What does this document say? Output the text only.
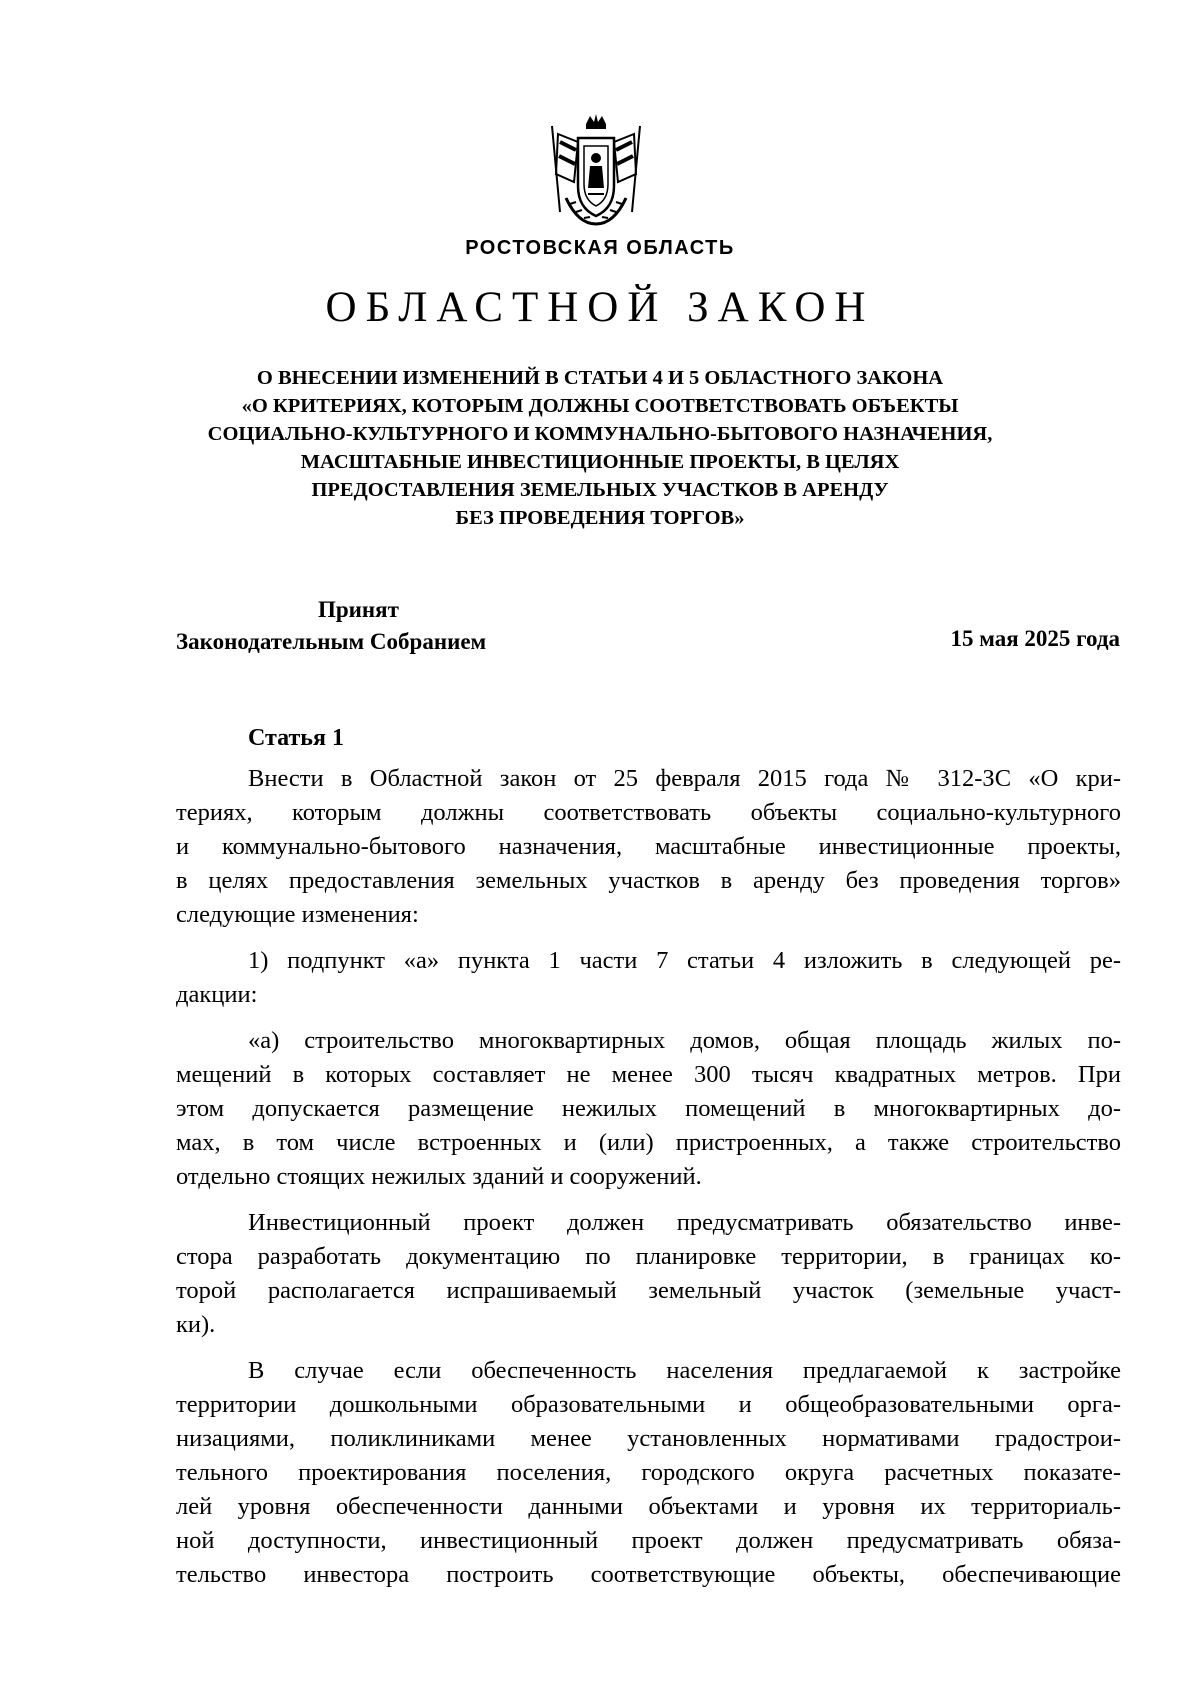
РОСТОВСКАЯ ОБЛАСТЬ
ОБЛАСТНОЙ ЗАКОН
О ВНЕСЕНИИ ИЗМЕНЕНИЙ В СТАТЬИ 4 И 5 ОБЛАСТНОГО ЗАКОНА
«О КРИТЕРИЯХ, КОТОРЫМ ДОЛЖНЫ СООТВЕТСТВОВАТЬ ОБЪЕКТЫ
СОЦИАЛЬНО-КУЛЬТУРНОГО И КОММУНАЛЬНО-БЫТОВОГО НАЗНАЧЕНИЯ,
МАСШТАБНЫЕ ИНВЕСТИЦИОННЫЕ ПРОЕКТЫ, В ЦЕЛЯХ
ПРЕДОСТАВЛЕНИЯ ЗЕМЕЛЬНЫХ УЧАСТКОВ В АРЕНДУ
БЕЗ ПРОВЕДЕНИЯ ТОРГОВ»
Принят
Законодательным Собранием	15 мая 2025 года
Статья 1
Внести в Областной закон от 25 февраля 2015 года № 312-ЗС «О кри-
териях, которым должны соответствовать объекты социально-культурного
и коммунально-бытового назначения, масштабные инвестиционные проекты,
в целях предоставления земельных участков в аренду без проведения торгов»
следующие изменения:
1) подпункт «а» пункта 1 части 7 статьи 4 изложить в следующей ре-
дакции:
«а) строительство многоквартирных домов, общая площадь жилых по-
мещений в которых составляет не менее 300 тысяч квадратных метров. При
этом допускается размещение нежилых помещений в многоквартирных до-
мах, в том числе встроенных и (или) пристроенных, а также строительство
отдельно стоящих нежилых зданий и сооружений.
Инвестиционный проект должен предусматривать обязательство инве-
стора разработать документацию по планировке территории, в границах ко-
торой располагается испрашиваемый земельный участок (земельные участ-
ки).
В случае если обеспеченность населения предлагаемой к застройке
территории дошкольными образовательными и общеобразовательными орга-
низациями, поликлиниками менее установленных нормативами градострои-
тельного проектирования поселения, городского округа расчетных показате-
лей уровня обеспеченности данными объектами и уровня их территориаль-
ной доступности, инвестиционный проект должен предусматривать обяза-
тельство инвестора построить соответствующие объекты, обеспечивающие
